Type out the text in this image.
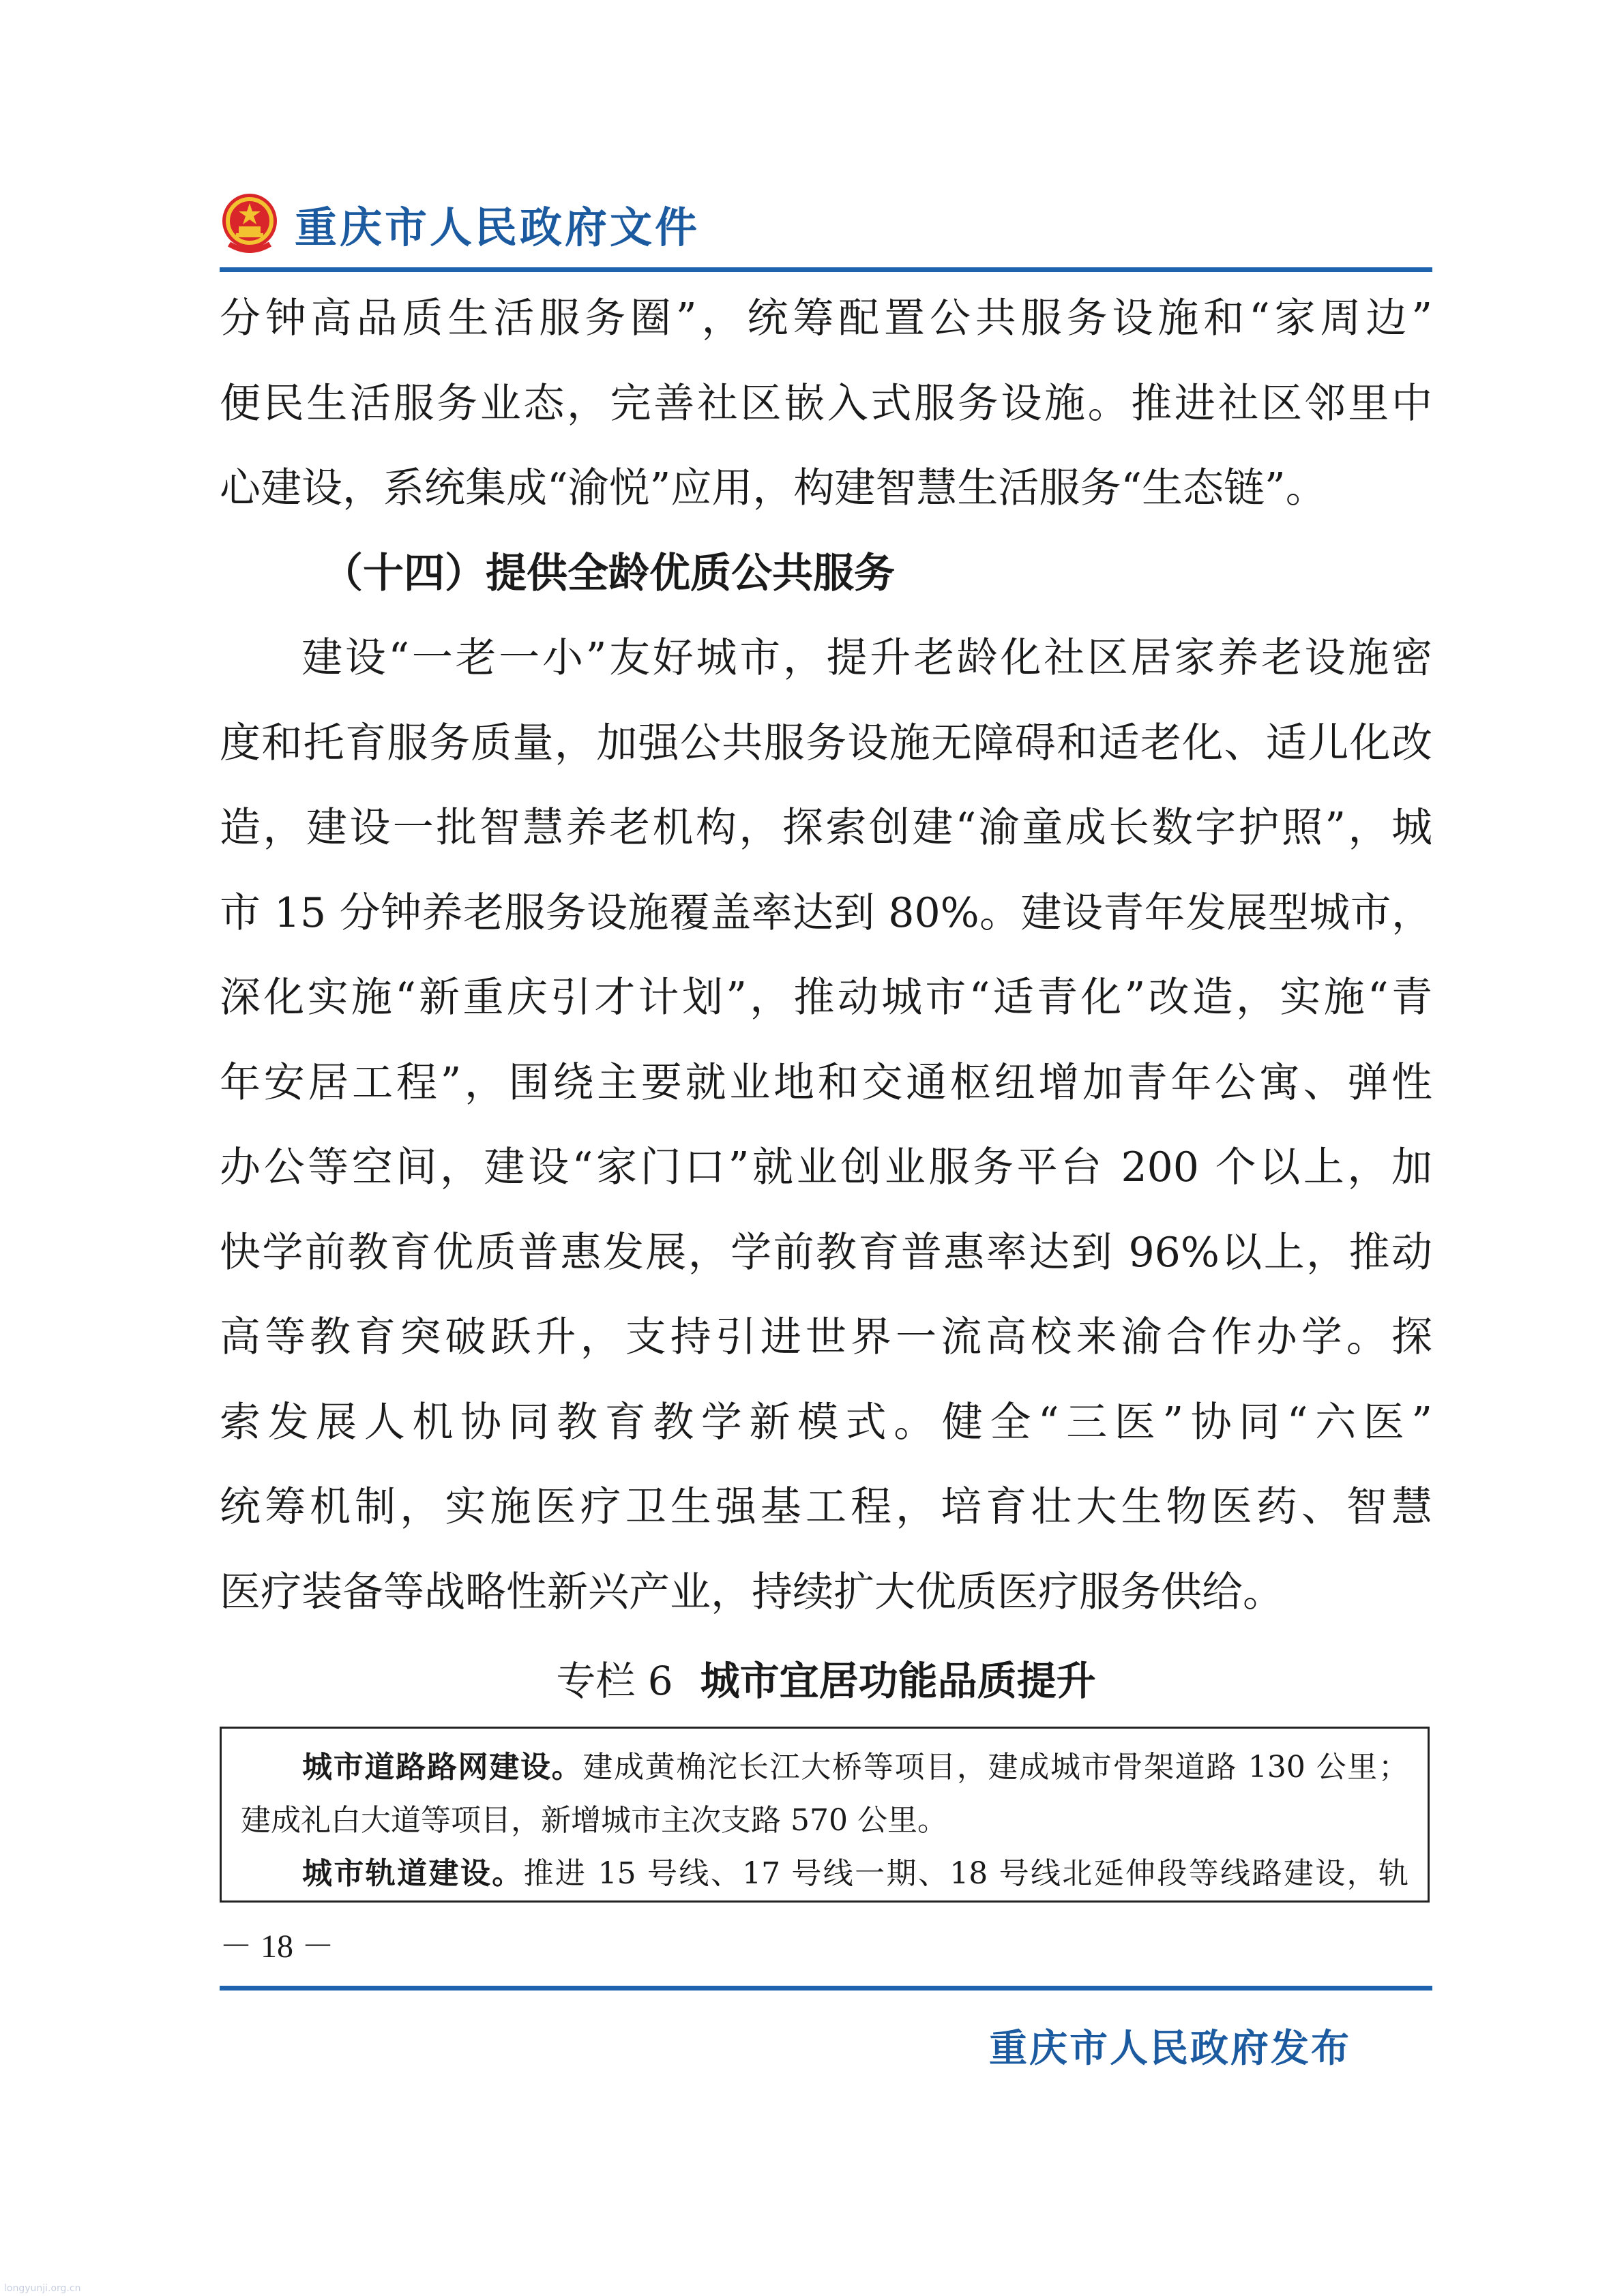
重庆市人民政府文件
分钟高品质生活服务圈”，统筹配置公共服务设施和“家周边”
便民生活服务业态，完善社区嵌入式服务设施。推进社区邻里中
心建设，系统集成“渝悦”应用，构建智慧生活服务“生态链”。
（十四）提供全龄优质公共服务
建设“一老一小”友好城市，提升老龄化社区居家养老设施密
度和托育服务质量，加强公共服务设施无障碍和适老化、适儿化改
造，建设一批智慧养老机构，探索创建“渝童成长数字护照”，城
市 15 分钟养老服务设施覆盖率达到 80%。建设青年发展型城市，
深化实施“新重庆引才计划”，推动城市“适青化”改造，实施“青
年安居工程”，围绕主要就业地和交通枢纽增加青年公寓、弹性
办公等空间，建设“家门口”就业创业服务平台 200 个以上，加
快学前教育优质普惠发展，学前教育普惠率达到 96%以上，推动
高等教育突破跃升，支持引进世界一流高校来渝合作办学。探
索发展人机协同教育教学新模式。健全“三医”协同“六医”
统筹机制，实施医疗卫生强基工程，培育壮大生物医药、智慧
医疗装备等战略性新兴产业，持续扩大优质医疗服务供给。
专栏 6 城市宜居功能品质提升
城市道路路网建设。建成黄桷沱长江大桥等项目，建成城市骨架道路 130 公里；
建成礼白大道等项目，新增城市主次支路 570 公里。
城市轨道建设。推进 15 号线、17 号线一期、18 号线北延伸段等线路建设，轨
－ 18 －
重庆市人民政府发布
longyunji.org.cn
